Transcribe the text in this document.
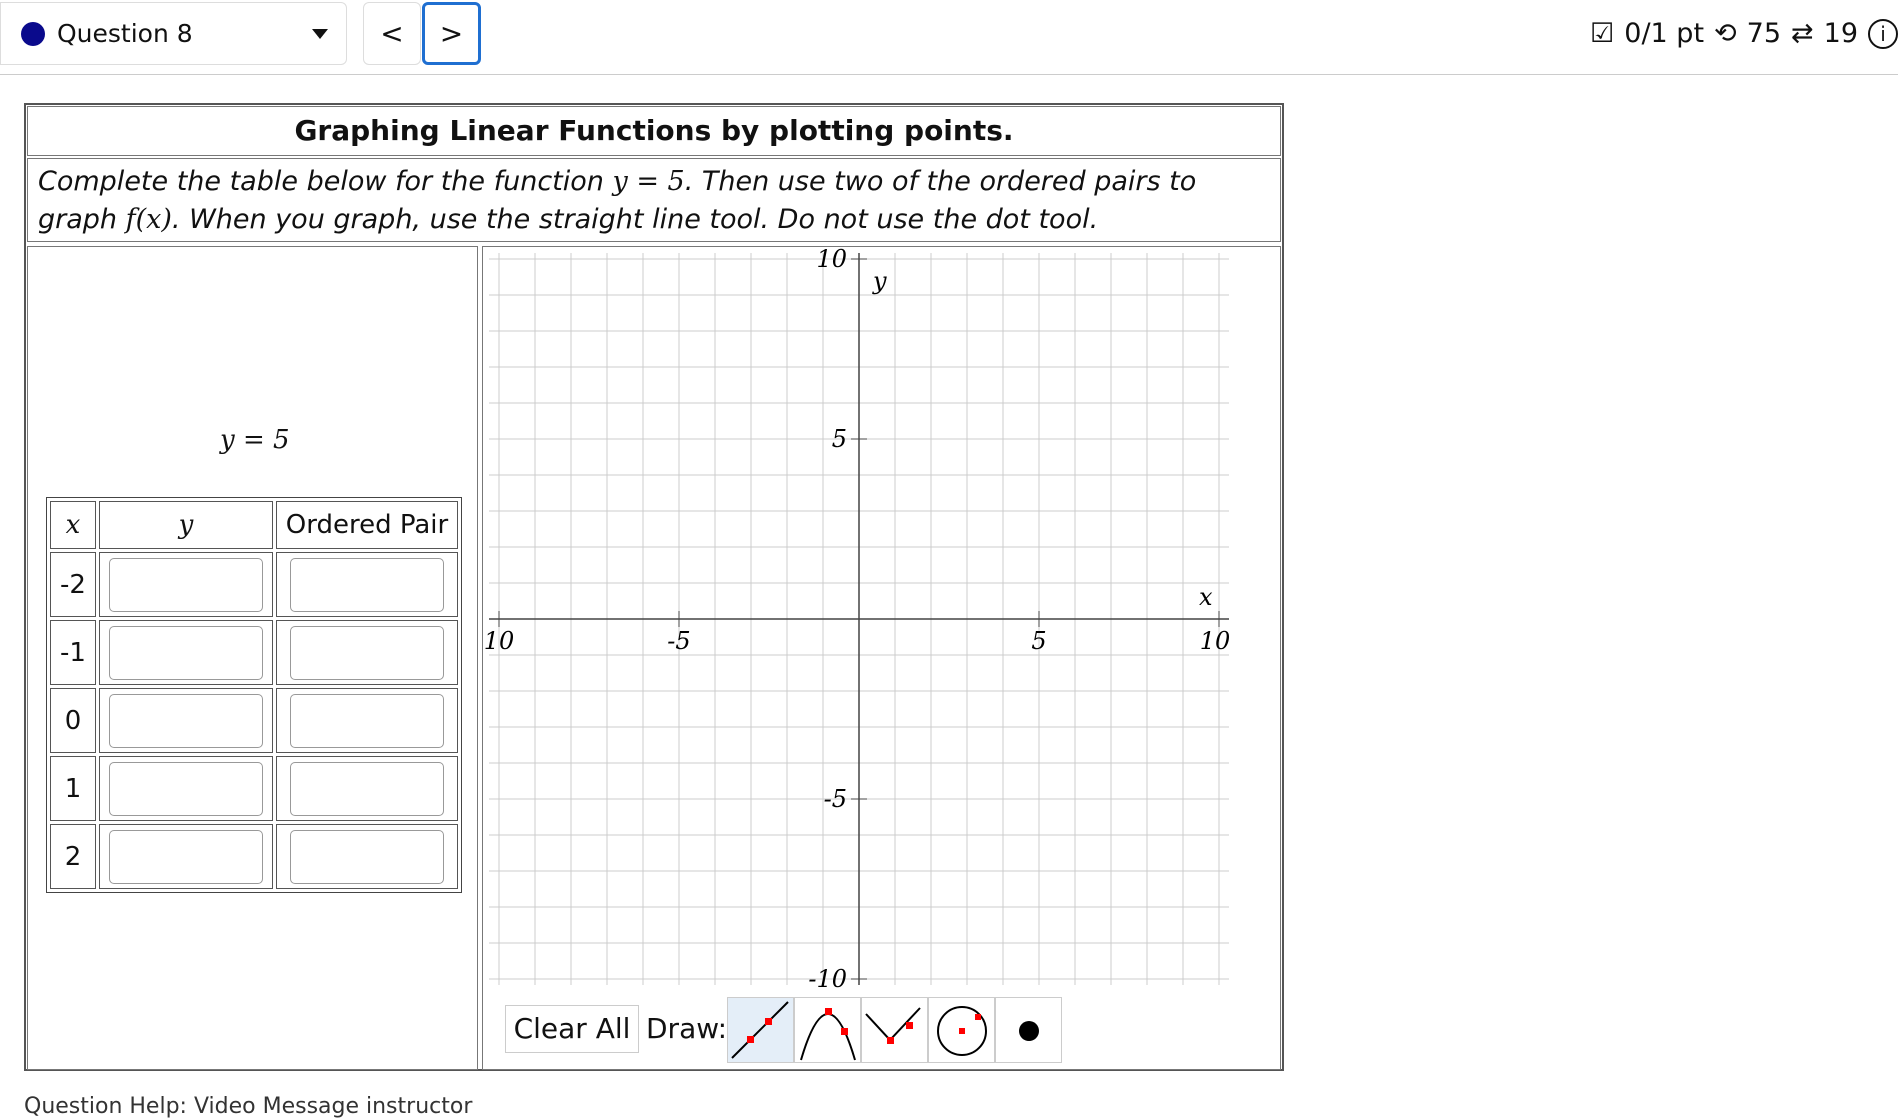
Question 8	<	>	☑ 0/1 pt ⟲ 75 ⇄ 19	i
Graphing Linear Functions by plotting points.
Complete the table below for the function y = 5. Then use two of the ordered pairs to graph f(x). When you graph, use the straight line tool. Do not use the dot tool.
y = 5
x	y	Ordered Pair
-2		
-1		
0		
1		
2		
10	-5	5	10
10
5
-5
-10
x
y
Clear All Draw:
Question Help: Video Message instructor
